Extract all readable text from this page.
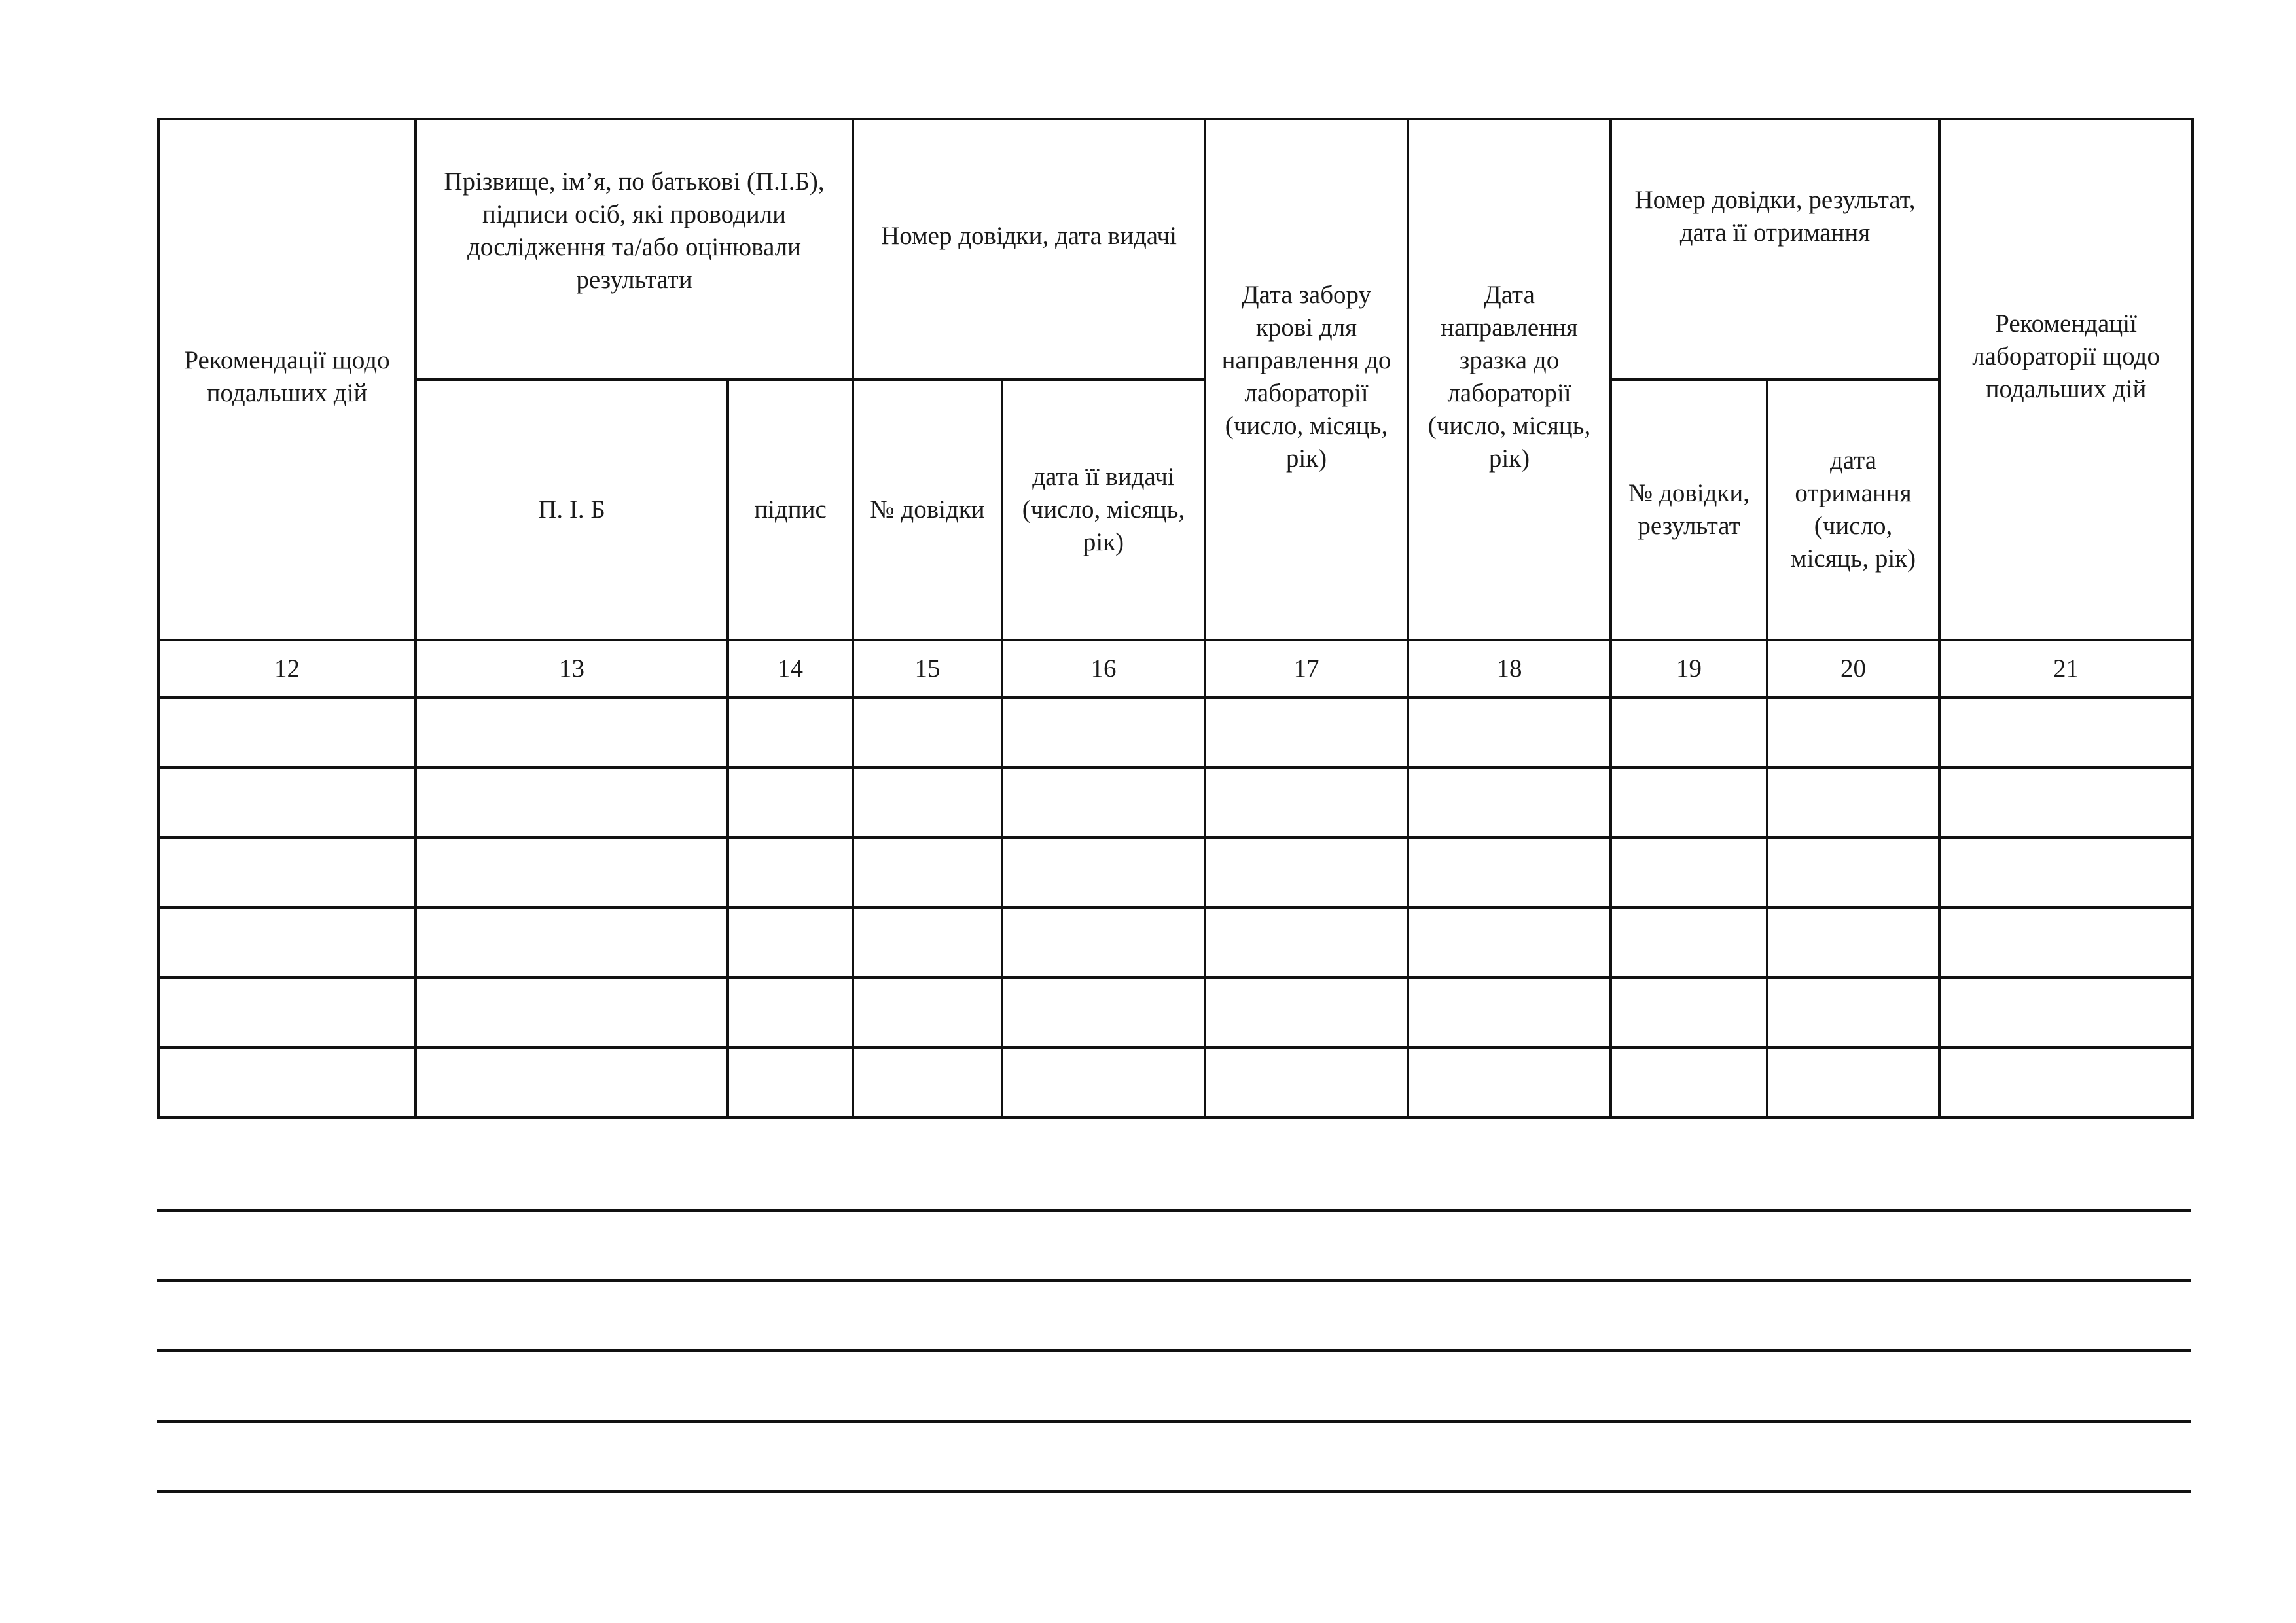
Рекомендації щодо подальших дій	Прізвище, ім’я, по батькові (П.І.Б), підписи осіб, які проводили дослідження та/або оцінювали результати		Номер довідки, дата видачі		Дата забору крові для направлення до лабораторії (число, місяць, рік)	Дата направлення зразка до лабораторії (число, місяць, рік)	Номер довідки, результат, дата її отримання		Рекомендації лабораторії щодо подальших дій

	П. І. Б	підпис	№ довідки	дата її видачі (число, місяць, рік)			№ довідки, результат	дата отримання (число, місяць, рік)	

12	13	14	15	16	17	18	19	20	21
